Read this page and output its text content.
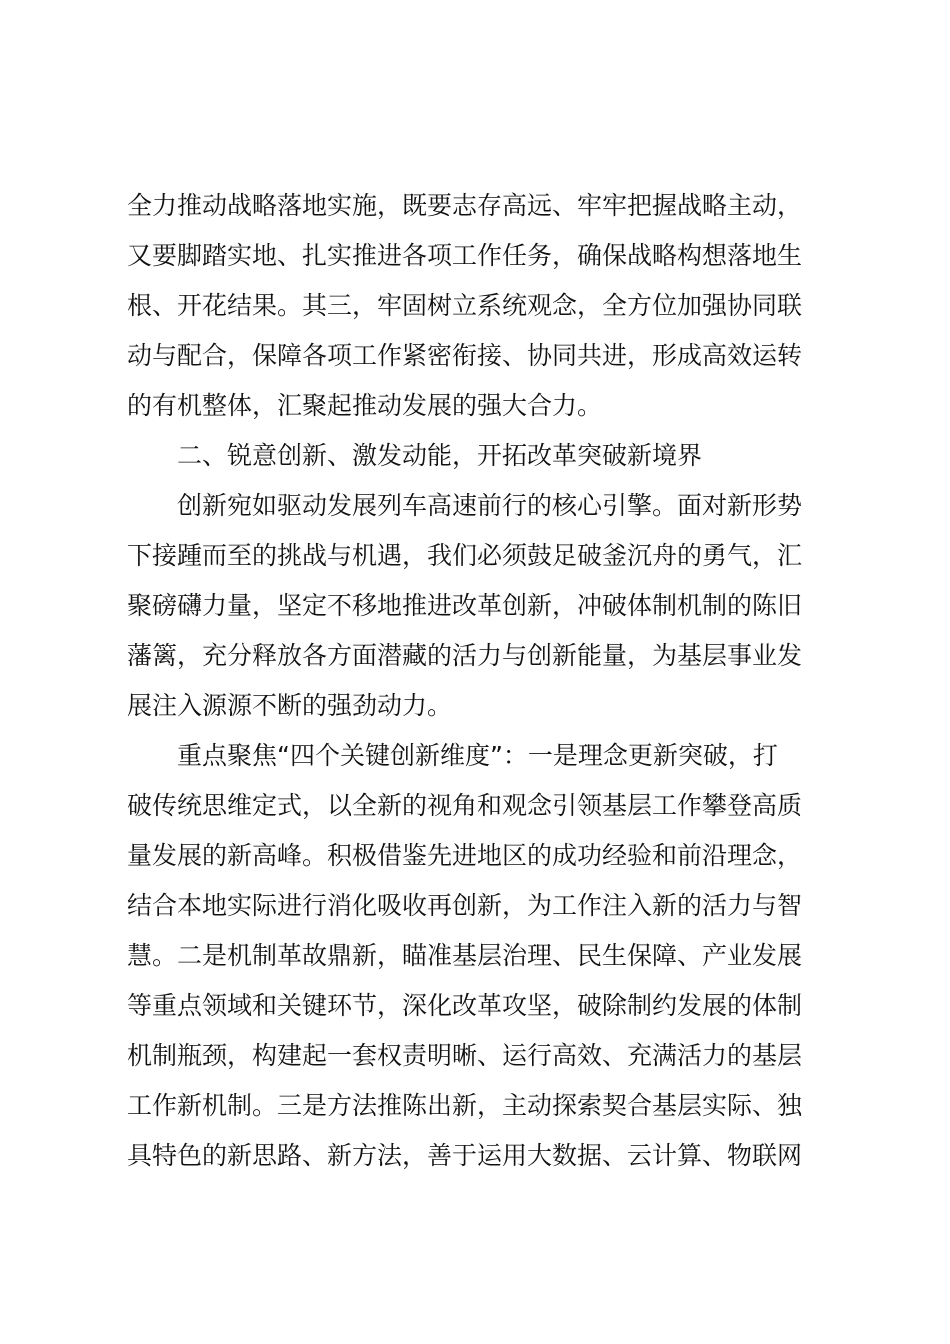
全力推动战略落地实施，既要志存高远、牢牢把握战略主动，

又要脚踏实地、扎实推进各项工作任务，确保战略构想落地生

根、开花结果。其三，牢固树立系统观念，全方位加强协同联

动与配合，保障各项工作紧密衔接、协同共进，形成高效运转

的有机整体，汇聚起推动发展的强大合力。

二、锐意创新、激发动能，开拓改革突破新境界

创新宛如驱动发展列车高速前行的核心引擎。面对新形势

下接踵而至的挑战与机遇，我们必须鼓足破釜沉舟的勇气，汇

聚磅礴力量，坚定不移地推进改革创新，冲破体制机制的陈旧

藩篱，充分释放各方面潜藏的活力与创新能量，为基层事业发

展注入源源不断的强劲动力。

重点聚焦“四个关键创新维度”：一是理念更新突破，打

破传统思维定式，以全新的视角和观念引领基层工作攀登高质

量发展的新高峰。积极借鉴先进地区的成功经验和前沿理念，

结合本地实际进行消化吸收再创新，为工作注入新的活力与智

慧。二是机制革故鼎新，瞄准基层治理、民生保障、产业发展

等重点领域和关键环节，深化改革攻坚，破除制约发展的体制

机制瓶颈，构建起一套权责明晰、运行高效、充满活力的基层

工作新机制。三是方法推陈出新，主动探索契合基层实际、独

具特色的新思路、新方法，善于运用大数据、云计算、物联网
